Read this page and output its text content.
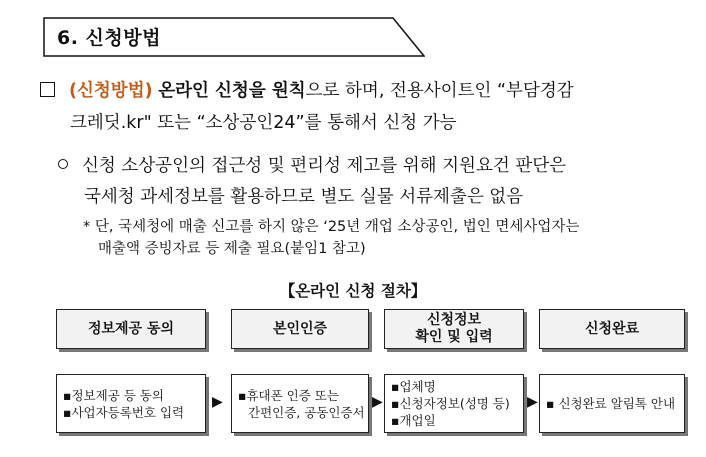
6. 신청방법
(신청방법) 온라인 신청을 원칙으로 하며, 전용사이트인 “부담경감
크레딧.kr" 또는 “소상공인24”를 통해서 신청 가능
신청 소상공인의 접근성 및 편리성 제고를 위해 지원요건 판단은
국세청 과세정보를 활용하므로 별도 실물 서류제출은 없음
* 단, 국세청에 매출 신고를 하지 않은 ‘25년 개업 소상공인, 법인 면세사업자는
매출액 증빙자료 등 제출 필요(붙임1 참고)
【온라인 신청 절차】
정보제공 동의	본인인증
신청정보
확인 및 입력
신청완료
▪정보제공 등 동의
▪사업자등록번호 입력
▶ ▪휴대폰 인증 또는
간편인증, 공동인증서
▶
▪업체명
▪신청자정보(성명 등)
▪개업일
▶ ▪ 신청완료 알림톡 안내
